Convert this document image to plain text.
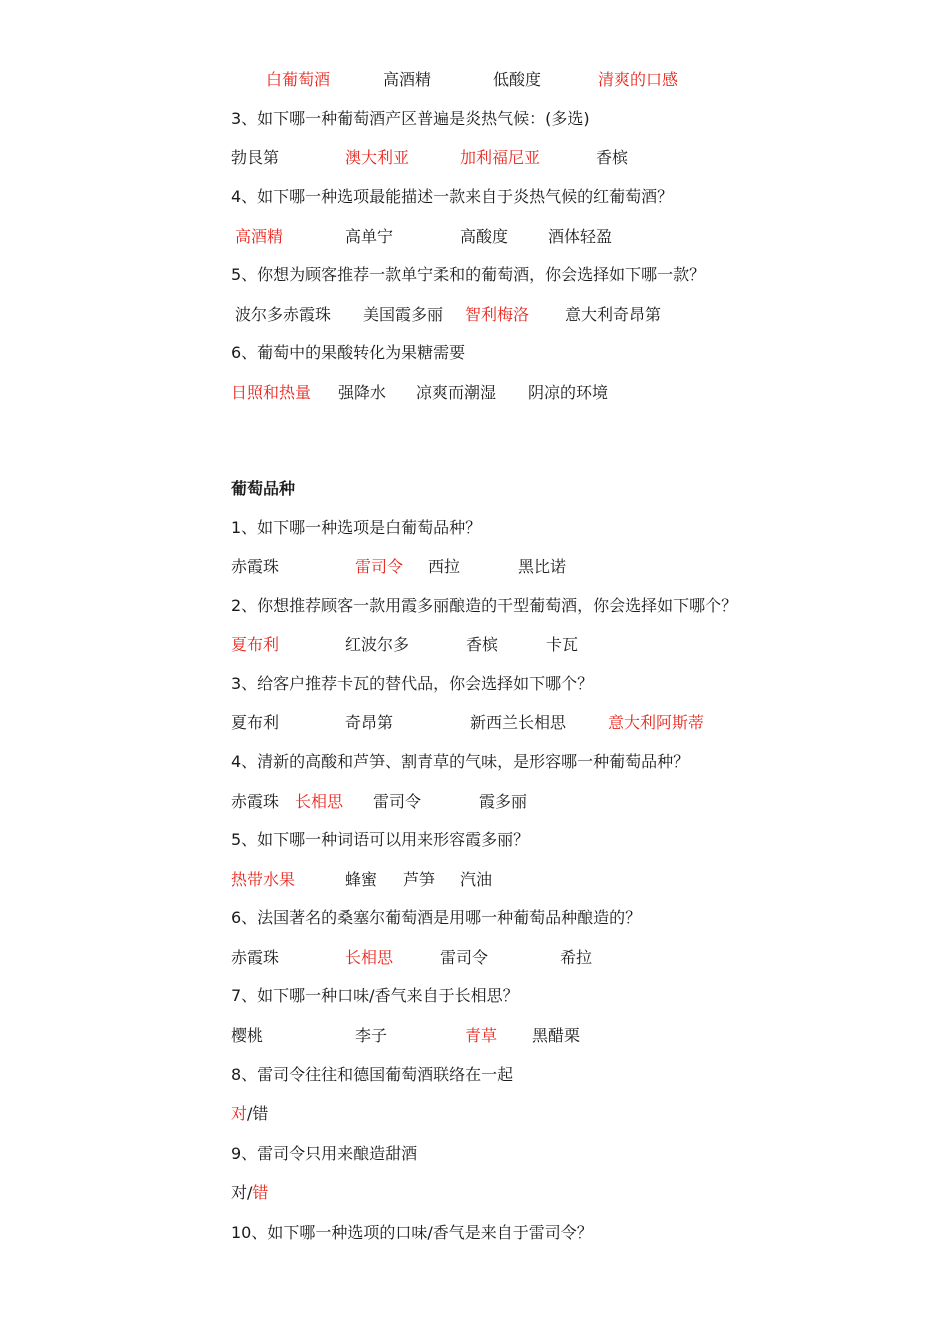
白葡萄酒	高酒精	低酸度	清爽的口感
3、如下哪一种葡萄酒产区普遍是炎热气候：(多选)
勃艮第	澳大利亚	加利福尼亚	香槟
4、如下哪一种选项最能描述一款来自于炎热气候的红葡萄酒？
高酒精	高单宁	高酸度 酒体轻盈
5、你想为顾客推荐一款单宁柔和的葡萄酒，你会选择如下哪一款？
波尔多赤霞珠 美国霞多丽 智利梅洛 意大利奇昂第
6、葡萄中的果酸转化为果糖需要
日照和热量 强降水 凉爽而潮湿 阴凉的环境
葡萄品种
1、如下哪一种选项是白葡萄品种？
赤霞珠	雷司令 西拉	黑比诺
2、你想推荐顾客一款用霞多丽酿造的干型葡萄酒，你会选择如下哪个？
夏布利	红波尔多	香槟	卡瓦
3、给客户推荐卡瓦的替代品，你会选择如下哪个？
夏布利	奇昂第	新西兰长相思	意大利阿斯蒂
4、清新的高酸和芦笋、割青草的气味，是形容哪一种葡萄品种？
赤霞珠 长相思 雷司令	霞多丽
5、如下哪一种词语可以用来形容霞多丽？
热带水果	蜂蜜 芦笋 汽油
6、法国著名的桑塞尔葡萄酒是用哪一种葡萄品种酿造的？
赤霞珠	长相思	雷司令	希拉
7、如下哪一种口味/香气来自于长相思？
樱桃	李子	青草 黑醋栗
8、雷司令往往和德国葡萄酒联络在一起
对/错
9、雷司令只用来酿造甜酒
对/错
10、如下哪一种选项的口味/香气是来自于雷司令？
